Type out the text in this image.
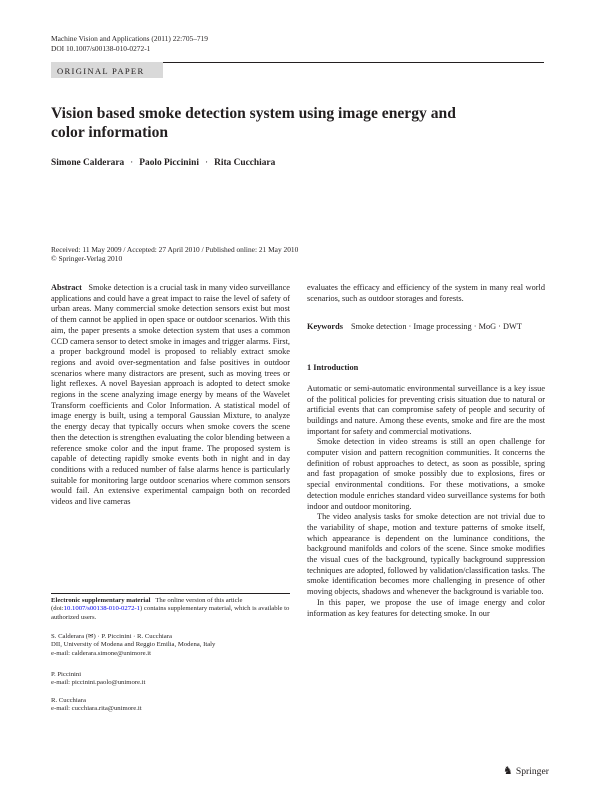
Machine Vision and Applications (2011) 22:705–719
DOI 10.1007/s00138-010-0272-1
ORIGINAL PAPER
Vision based smoke detection system using image energy and color information
Simone Calderara · Paolo Piccinini · Rita Cucchiara
Received: 11 May 2009 / Accepted: 27 April 2010 / Published online: 21 May 2010
© Springer-Verlag 2010

Abstract Smoke detection is a crucial task in many video surveillance applications and could have a great impact to raise the level of safety of urban areas. Many commercial smoke detection sensors exist but most of them cannot be applied in open space or outdoor scenarios. With this aim, the paper presents a smoke detection system that uses a common CCD camera sensor to detect smoke in images and trigger alarms. First, a proper background model is proposed to reliably extract smoke regions and avoid over-segmentation and false positives in outdoor scenarios where many distractors are present, such as moving trees or light reflexes. A novel Bayesian approach is adopted to detect smoke regions in the scene analyzing image energy by means of the Wavelet Transform coefficients and Color Information. A statistical model of image energy is built, using a temporal Gaussian Mixture, to analyze the energy decay that typically occurs when smoke covers the scene then the detection is strengthen evaluating the color blending between a reference smoke color and the input frame. The proposed system is capable of detecting rapidly smoke events both in night and in day conditions with a reduced number of false alarms hence is particularly suitable for monitoring large outdoor scenarios where common sensors would fail. An extensive experimental campaign both on recorded videos and live cameras

Electronic supplementary material The online version of this article (doi:10.1007/s00138-010-0272-1) contains supplementary material, which is available to authorized users.
S. Calderara (✉) · P. Piccinini · R. Cucchiara
DII, University of Modena and Reggio Emilia, Modena, Italy
e-mail: calderara.simone@unimore.it
P. Piccinini
e-mail: piccinini.paolo@unimore.it
R. Cucchiara
e-mail: cucchiara.rita@unimore.it

evaluates the efficacy and efficiency of the system in many real world scenarios, such as outdoor storages and forests.

Keywords Smoke detection · Image processing · MoG · DWT

1 Introduction

Automatic or semi-automatic environmental surveillance is a key issue of the political policies for preventing crisis situation due to natural or artificial events that can compromise safety of people and security of buildings and nature. Among these events, smoke and fire are the most important for safety and commercial motivations.

Smoke detection in video streams is still an open challenge for computer vision and pattern recognition communities. It concerns the definition of robust approaches to detect, as soon as possible, spring and fast propagation of smoke possibly due to explosions, fires or special environmental conditions. For these motivations, a smoke detection module enriches standard video surveillance systems for both indoor and outdoor monitoring.

The video analysis tasks for smoke detection are not trivial due to the variability of shape, motion and texture patterns of smoke itself, which appearance is dependent on the luminance conditions, the background manifolds and colors of the scene. Since smoke modifies the visual cues of the background, typically background suppression techniques are adopted, followed by validation/classification tasks. The smoke identification becomes more challenging in presence of other moving objects, shadows and whenever the background is variable too.

In this paper, we propose the use of image energy and color information as key features for detecting smoke. In our

♞ Springer
